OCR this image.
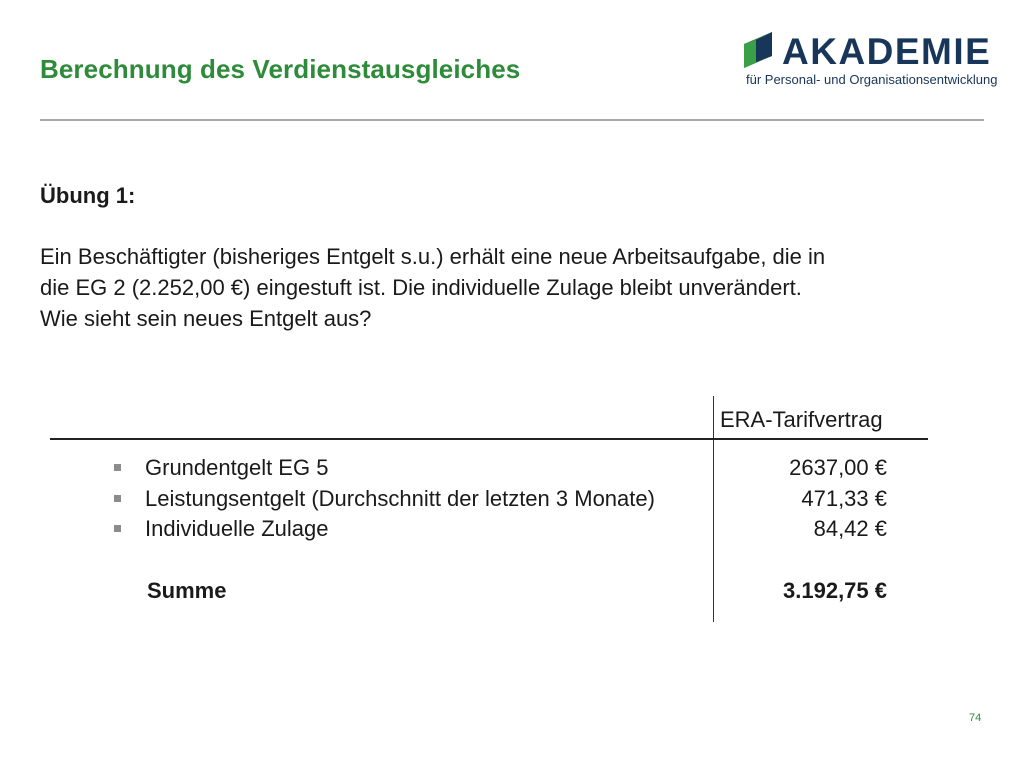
Berechnung des Verdienstausgleiches	AKADEMIE
für Personal- und Organisationsentwicklung
Übung 1:
Ein Beschäftigter (bisheriges Entgelt s.u.) erhält eine neue Arbeitsaufgabe, die in
die EG 2 (2.252,00 €) eingestuft ist. Die individuelle Zulage bleibt unverändert.
Wie sieht sein neues Entgelt aus?
ERA-Tarifvertrag
Grundentgelt EG 5	2637,00 €
Leistungsentgelt (Durchschnitt der letzten 3 Monate)	471,33 €
Individuelle Zulage	84,42 €
Summe	3.192,75 €
74
